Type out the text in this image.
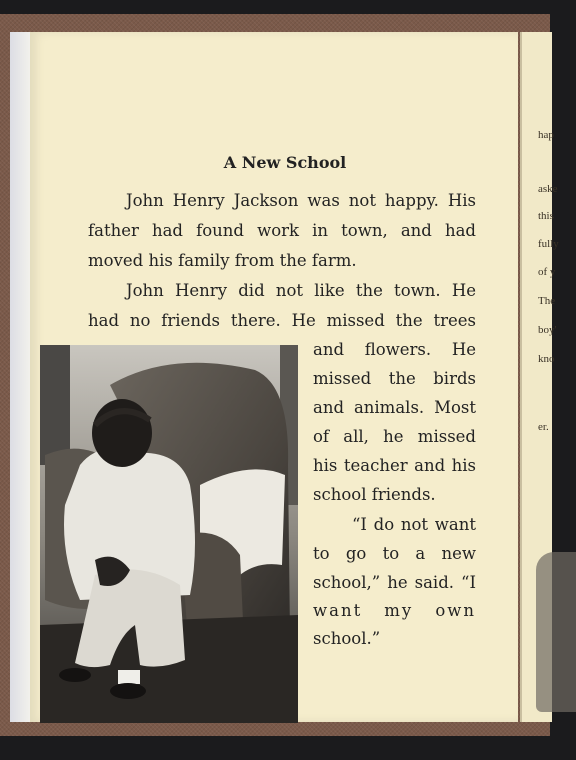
hap
aske
this
fully
of y
The
boy'
kno
er.
A New School
John Henry Jackson was not happy. His
father had found work in town, and had
moved his family from the farm.
John Henry did not like the town. He
had no friends there. He missed the trees
and flowers. He
missed the birds
and animals. Most
of all, he missed
his teacher and his
school friends.
“I do not want
to go to a new
school,” he said. “I
want my own
school.”
